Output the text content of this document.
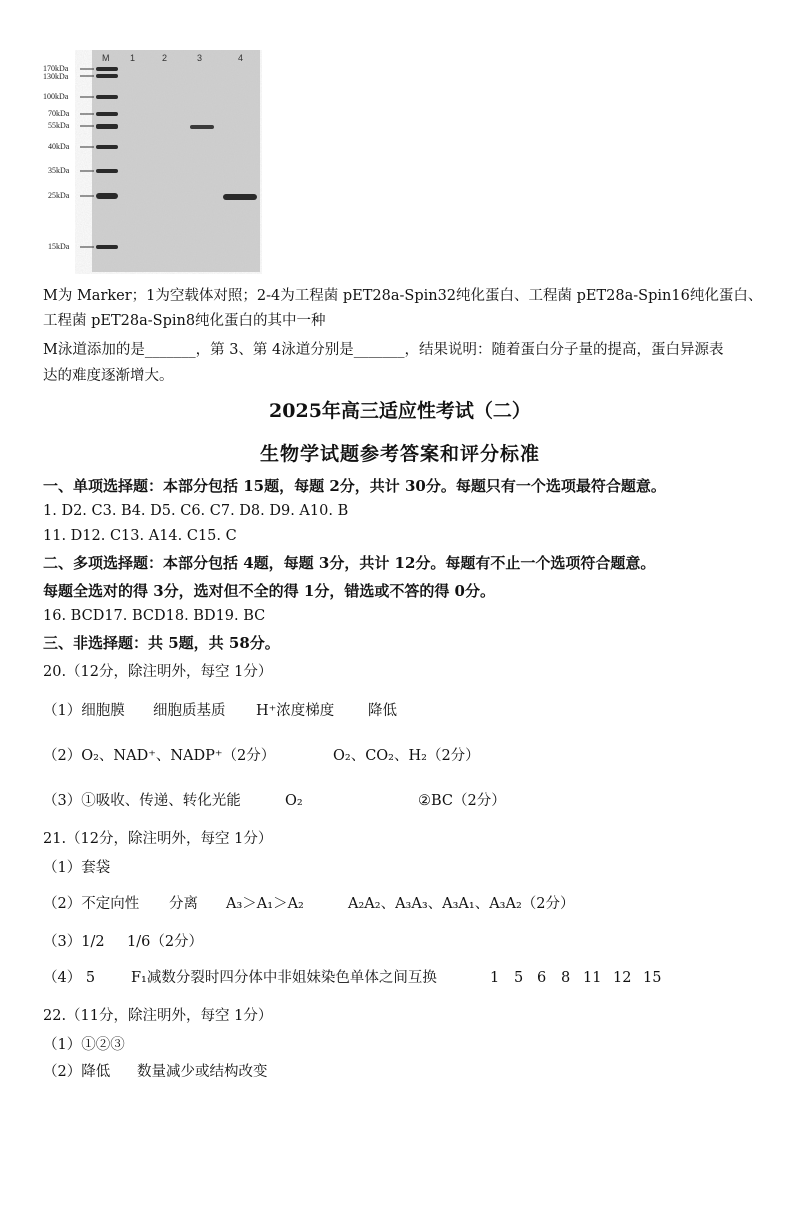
M 1	2	3	4
170kDa
130kDa
100kDa
70kDa
55kDa
40kDa
35kDa
25kDa
15kDa
M为 Marker；1为空载体对照；2-4为工程菌 pET28a-Spin32纯化蛋白、工程菌 pET28a-Spin16纯化蛋白、
工程菌 pET28a-Spin8纯化蛋白的其中一种
M泳道添加的是_______，第 3、第 4泳道分别是_______，结果说明：随着蛋白分子量的提高，蛋白异源表
达的难度逐渐增大。
2025年高三适应性考试（二）
生物学试题参考答案和评分标准
一、单项选择题：本部分包括 15题，每题 2分，共计 30分。每题只有一个选项最符合题意。
1. D2. C3. B4. D5. C6. C7. D8. D9. A10. B
11. D12. C13. A14. C15. C
二、多项选择题：本部分包括 4题，每题 3分，共计 12分。每题有不止一个选项符合题意。
每题全选对的得 3分，选对但不全的得 1分，错选或不答的得 0分。
16. BCD17. BCD18. BD19. BC
三、非选择题：共 5题，共 58分。
20.（12分，除注明外，每空 1分）
（1）细胞膜 细胞质基质 H⁺浓度梯度 降低
（2）O₂、NAD⁺、NADP⁺（2分）	O₂、CO₂、H₂（2分）
（3）①吸收、传递、转化光能	O₂	②BC（2分）
21.（12分，除注明外，每空 1分）
（1）套袋
（2）不定向性 分离 A₃＞A₁＞A₂	A₂A₂、A₃A₃、A₃A₁、A₃A₂（2分）
（3）1/2 1/6（2分）
（4） 5 F₁减数分裂时四分体中非姐妹染色单体之间互换	1 5 6 8 11 12 15
22.（11分，除注明外，每空 1分）
（1）①②③
（2）降低 数量减少或结构改变
